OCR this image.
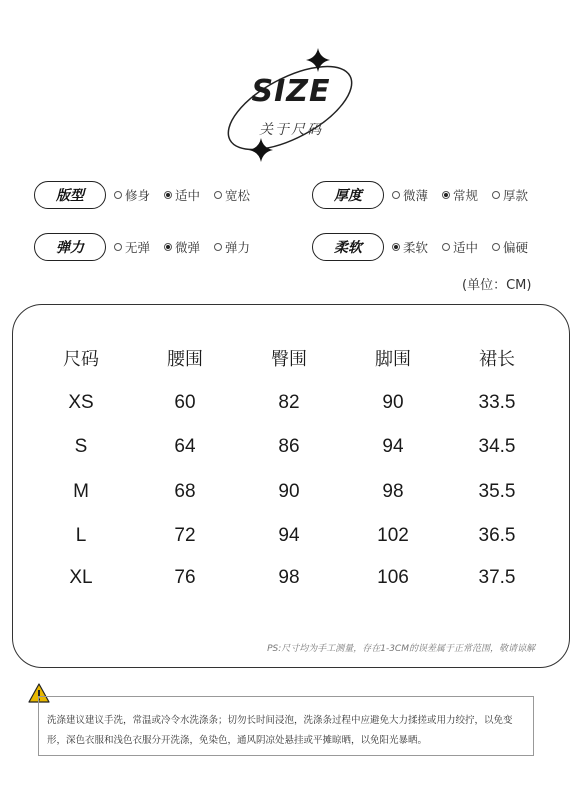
SIZE
关于尺码
版型	修身 适中 宽松	厚度	微薄 常规 厚款
弹力	无弹 微弹 弹力	柔软	柔软 适中 偏硬
(单位：CM)
尺码	腰围	臀围	脚围	裙长
XS	60	82	90	33.5
S	64	86	94	34.5
M	68	90	98	35.5
L	72	94	102	36.5
XL	76	98	106	37.5
PS:尺寸均为手工测量，存在1-3CM的误差属于正常范围，敬请谅解
洗涤建议建议手洗，常温或冷令水洗涤条；切勿长时间浸泡，洗涤条过程中应避免大力揉搓或用力绞拧，以免变形，深色衣服和浅色衣服分开洗涤，免染色，通风阴凉处悬挂或平摊晾晒，以免阳光暴晒。
